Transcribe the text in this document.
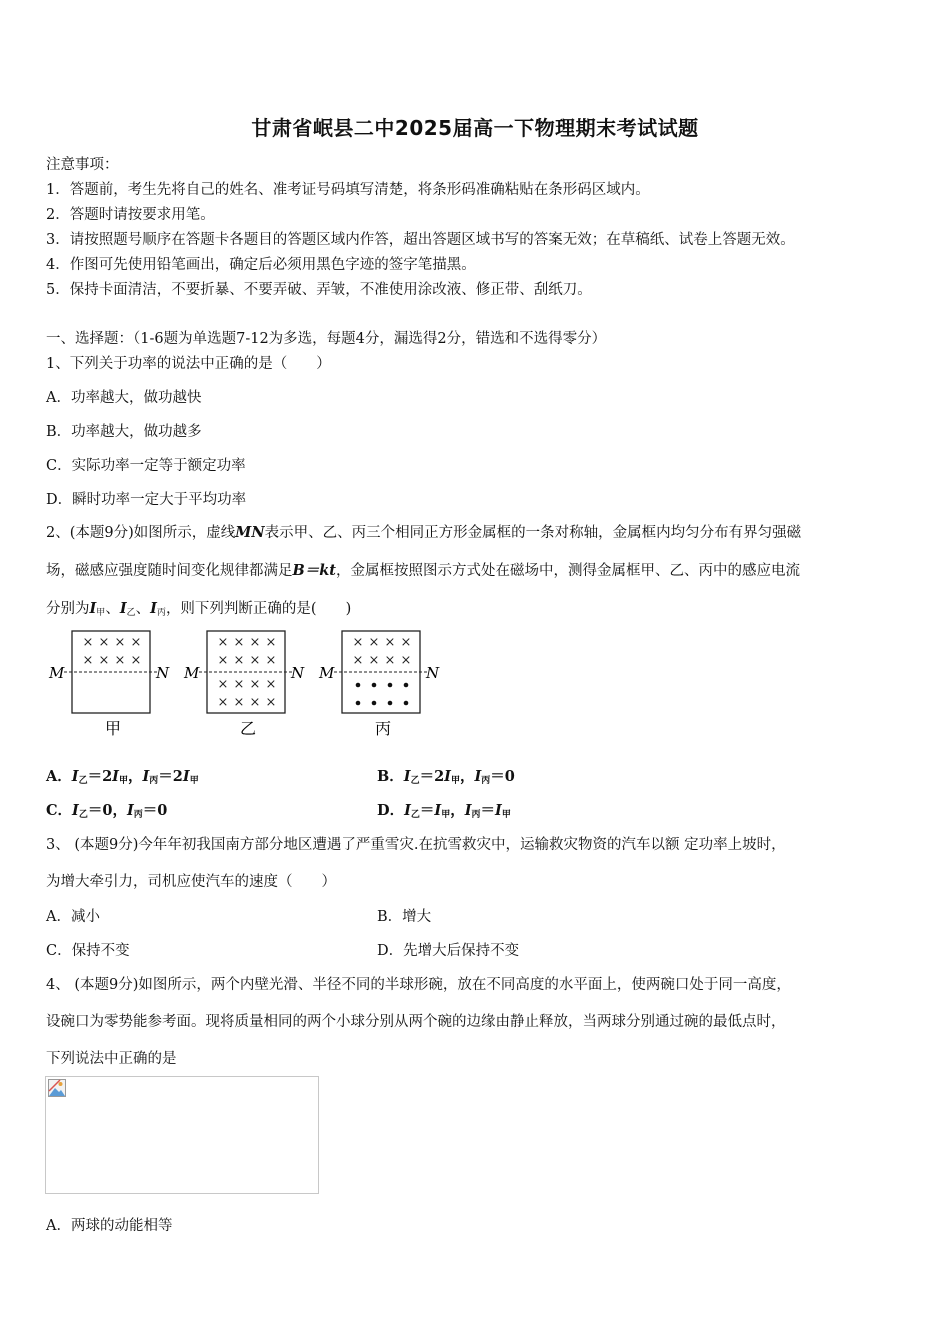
甘肃省岷县二中2025届高一下物理期末考试试题
注意事项：
1．答题前，考生先将自己的姓名、准考证号码填写清楚，将条形码准确粘贴在条形码区域内。
2．答题时请按要求用笔。
3．请按照题号顺序在答题卡各题目的答题区域内作答，超出答题区域书写的答案无效；在草稿纸、试卷上答题无效。
4．作图可先使用铅笔画出，确定后必须用黑色字迹的签字笔描黑。
5．保持卡面清洁，不要折暴、不要弄破、弄皱，不准使用涂改液、修正带、刮纸刀。
一、选择题：（1-6题为单选题7-12为多选，每题4分，漏选得2分，错选和不选得零分）
1、下列关于功率的说法中正确的是（　　）
A．功率越大，做功越快
B．功率越大，做功越多
C．实际功率一定等于额定功率
D．瞬时功率一定大于平均功率
2、(本题9分)如图所示，虚线MN表示甲、乙、丙三个相同正方形金属框的一条对称轴，金属框内均匀分布有界匀强磁
场，磁感应强度随时间变化规律都满足B＝kt，金属框按照图示方式处在磁场中，测得金属框甲、乙、丙中的感应电流
分别为$I_甲$、$I_乙$、$I_丙$，则下列判断正确的是(　　)
M	N
× × × ×
× × × ×
甲
M	N
× × × ×
× × × ×
× × × ×
× × × ×
乙
M	N
× × × ×
× × × ×
丙
A．$I_乙=2I_甲$，$I_丙=2I_甲$	B．$I_乙=2I_甲$，$I_丙=0$
C．$I_乙=0$，$I_丙=0$	D．$I_乙=I_甲$，$I_丙=I_甲$
3、 (本题9分)今年年初我国南方部分地区遭遇了严重雪灾.在抗雪救灾中，运输救灾物资的汽车以额 定功率上坡时，
为增大牵引力，司机应使汽车的速度（　　）
A．减小	B．增大
C．保持不变	D．先增大后保持不变
4、 (本题9分)如图所示，两个内壁光滑、半径不同的半球形碗，放在不同高度的水平面上，使两碗口处于同一高度，
设碗口为零势能参考面。现将质量相同的两个小球分别从两个碗的边缘由静止释放，当两球分别通过碗的最低点时，
下列说法中正确的是
A．两球的动能相等
